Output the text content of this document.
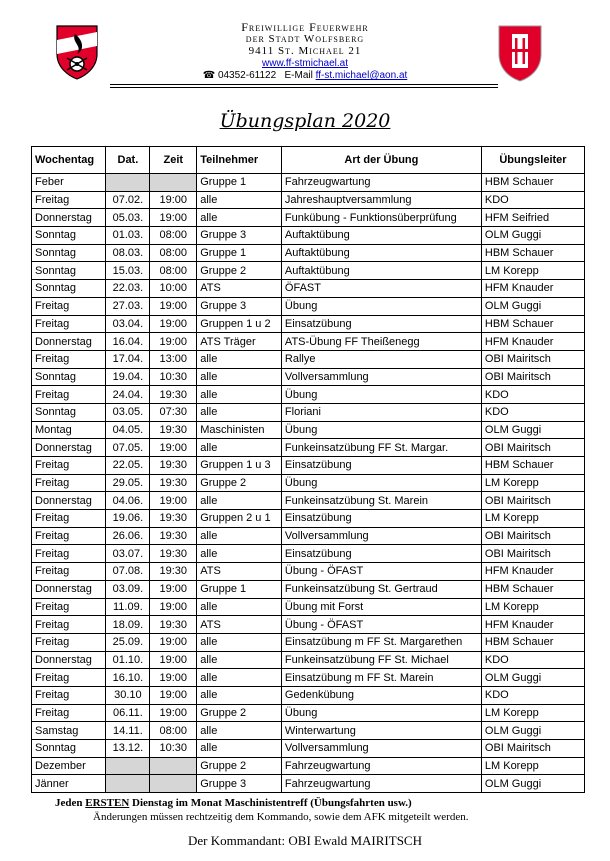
Freiwillige Feuerwehr
der Stadt Wolfsberg
9411 St. Michael 21
www.ff-stmichael.at
☎ 04352-61122 E-Mail ff-st.michael@aon.at
Übungsplan 2020
Wochentag	Dat.	Zeit	Teilnehmer	Art der Übung	Übungsleiter
Feber			Gruppe 1	Fahrzeugwartung	HBM Schauer
Freitag	07.02.	19:00	alle	Jahreshauptversammlung	KDO
Donnerstag	05.03.	19:00	alle	Funkübung - Funktionsüberprüfung	HFM Seifried
Sonntag	01.03.	08:00	Gruppe 3	Auftaktübung	OLM Guggi
Sonntag	08.03.	08:00	Gruppe 1	Auftaktübung	HBM Schauer
Sonntag	15.03.	08:00	Gruppe 2	Auftaktübung	LM Korepp
Sonntag	22.03.	10:00	ATS	ÖFAST	HFM Knauder
Freitag	27.03.	19:00	Gruppe 3	Übung	OLM Guggi
Freitag	03.04.	19:00	Gruppen 1 u 2	Einsatzübung	HBM Schauer
Donnerstag	16.04.	19:00	ATS Träger	ATS-Übung FF Theißenegg	HFM Knauder
Freitag	17.04.	13:00	alle	Rallye	OBI Mairitsch
Sonntag	19.04.	10:30	alle	Vollversammlung	OBI Mairitsch
Freitag	24.04.	19:30	alle	Übung	KDO
Sonntag	03.05.	07:30	alle	Floriani	KDO
Montag	04.05.	19:30	Maschinisten	Übung	OLM Guggi
Donnerstag	07.05.	19:00	alle	Funkeinsatzübung FF St. Margar.	OBI Mairitsch
Freitag	22.05.	19:30	Gruppen 1 u 3	Einsatzübung	HBM Schauer
Freitag	29.05.	19:30	Gruppe 2	Übung	LM Korepp
Donnerstag	04.06.	19:00	alle	Funkeinsatzübung St. Marein	OBI Mairitsch
Freitag	19.06.	19:30	Gruppen 2 u 1	Einsatzübung	LM Korepp
Freitag	26.06.	19:30	alle	Vollversammlung	OBI Mairitsch
Freitag	03.07.	19:30	alle	Einsatzübung	OBI Mairitsch
Freitag	07.08.	19:30	ATS	Übung - ÖFAST	HFM Knauder
Donnerstag	03.09.	19:00	Gruppe 1	Funkeinsatzübung St. Gertraud	HBM Schauer
Freitag	11.09.	19:00	alle	Übung mit Forst	LM Korepp
Freitag	18.09.	19:30	ATS	Übung - ÖFAST	HFM Knauder
Freitag	25.09.	19:00	alle	Einsatzübung m FF St. Margarethen	HBM Schauer
Donnerstag	01.10.	19:00	alle	Funkeinsatzübung FF St. Michael	KDO
Freitag	16.10.	19:00	alle	Einsatzübung m FF St. Marein	OLM Guggi
Freitag	30.10	19:00	alle	Gedenkübung	KDO
Freitag	06.11.	19:00	Gruppe 2	Übung	LM Korepp
Samstag	14.11.	08:00	alle	Winterwartung	OLM Guggi
Sonntag	13.12.	10:30	alle	Vollversammlung	OBI Mairitsch
Dezember			Gruppe 2	Fahrzeugwartung	LM Korepp
Jänner			Gruppe 3	Fahrzeugwartung	OLM Guggi
Jeden ERSTEN Dienstag im Monat Maschinistentreff (Übungsfahrten usw.)
Änderungen müssen rechtzeitig dem Kommando, sowie dem AFK mitgeteilt werden.
Der Kommandant: OBI Ewald MAIRITSCH
